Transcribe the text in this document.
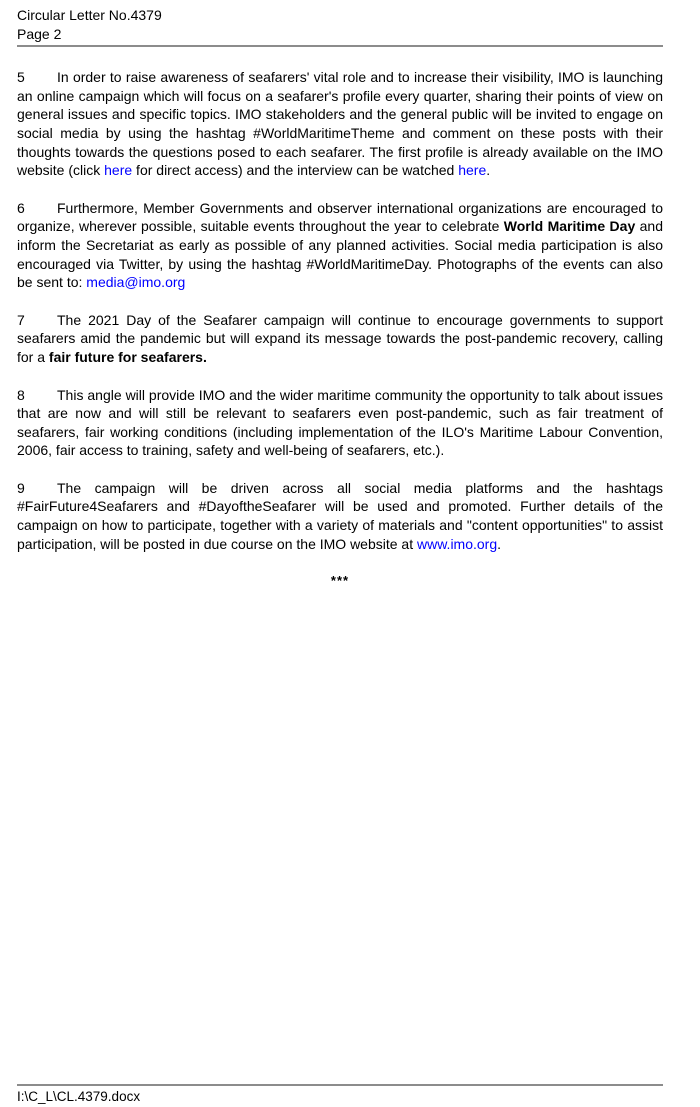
Circular Letter No.4379
Page 2

5 In order to raise awareness of seafarers' vital role and to increase their visibility, IMO is launching an online campaign which will focus on a seafarer's profile every quarter, sharing their points of view on general issues and specific topics. IMO stakeholders and the general public will be invited to engage on social media by using the hashtag #WorldMaritimeTheme and comment on these posts with their thoughts towards the questions posed to each seafarer. The first profile is already available on the IMO website (click here for direct access) and the interview can be watched here.

6 Furthermore, Member Governments and observer international organizations are encouraged to organize, wherever possible, suitable events throughout the year to celebrate World Maritime Day and inform the Secretariat as early as possible of any planned activities. Social media participation is also encouraged via Twitter, by using the hashtag #WorldMaritimeDay. Photographs of the events can also be sent to: media@imo.org

7 The 2021 Day of the Seafarer campaign will continue to encourage governments to support seafarers amid the pandemic but will expand its message towards the post-pandemic recovery, calling for a fair future for seafarers.

8 This angle will provide IMO and the wider maritime community the opportunity to talk about issues that are now and will still be relevant to seafarers even post-pandemic, such as fair treatment of seafarers, fair working conditions (including implementation of the ILO's Maritime Labour Convention, 2006, fair access to training, safety and well-being of seafarers, etc.).

9 The campaign will be driven across all social media platforms and the hashtags #FairFuture4Seafarers and #DayoftheSeafarer will be used and promoted. Further details of the campaign on how to participate, together with a variety of materials and "content opportunities" to assist participation, will be posted in due course on the IMO website at www.imo.org.

***
I:\C_L\CL.4379.docx
